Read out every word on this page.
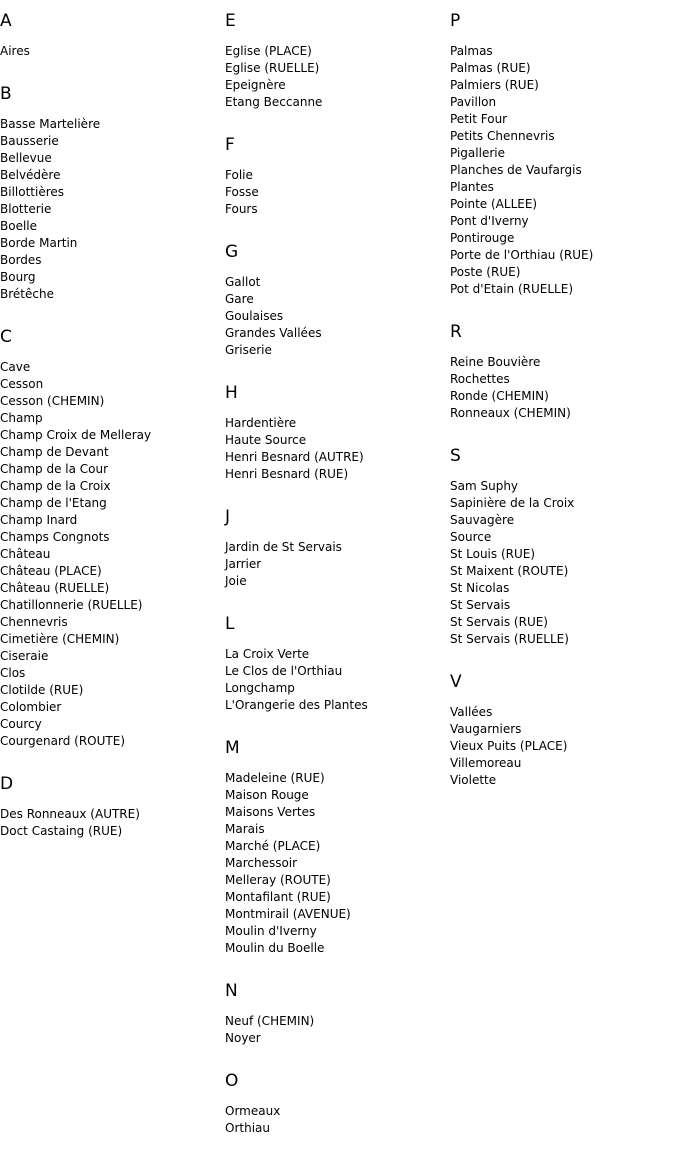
A
Aires
B
Basse Martelière
Bausserie
Bellevue
Belvédère
Billottières
Blotterie
Boelle
Borde Martin
Bordes
Bourg
Brétêche
C
Cave
Cesson
Cesson (CHEMIN)
Champ
Champ Croix de Melleray
Champ de Devant
Champ de la Cour
Champ de la Croix
Champ de l'Etang
Champ Inard
Champs Congnots
Château
Château (PLACE)
Château (RUELLE)
Chatillonnerie (RUELLE)
Chennevris
Cimetière (CHEMIN)
Ciseraie
Clos
Clotilde (RUE)
Colombier
Courcy
Courgenard (ROUTE)
D
Des Ronneaux (AUTRE)
Doct Castaing (RUE)
E
Eglise (PLACE)
Eglise (RUELLE)
Epeignère
Etang Beccanne
F
Folie
Fosse
Fours
G
Gallot
Gare
Goulaises
Grandes Vallées
Griserie
H
Hardentière
Haute Source
Henri Besnard (AUTRE)
Henri Besnard (RUE)
J
Jardin de St Servais
Jarrier
Joie
L
La Croix Verte
Le Clos de l'Orthiau
Longchamp
L'Orangerie des Plantes
M
Madeleine (RUE)
Maison Rouge
Maisons Vertes
Marais
Marché (PLACE)
Marchessoir
Melleray (ROUTE)
Montafilant (RUE)
Montmirail (AVENUE)
Moulin d'Iverny
Moulin du Boelle
N
Neuf (CHEMIN)
Noyer
O
Ormeaux
Orthiau
P
Palmas
Palmas (RUE)
Palmiers (RUE)
Pavillon
Petit Four
Petits Chennevris
Pigallerie
Planches de Vaufargis
Plantes
Pointe (ALLEE)
Pont d'Iverny
Pontirouge
Porte de l'Orthiau (RUE)
Poste (RUE)
Pot d'Etain (RUELLE)
R
Reine Bouvière
Rochettes
Ronde (CHEMIN)
Ronneaux (CHEMIN)
S
Sam Suphy
Sapinière de la Croix
Sauvagère
Source
St Louis (RUE)
St Maixent (ROUTE)
St Nicolas
St Servais
St Servais (RUE)
St Servais (RUELLE)
V
Vallées
Vaugarniers
Vieux Puits (PLACE)
Villemoreau
Violette
